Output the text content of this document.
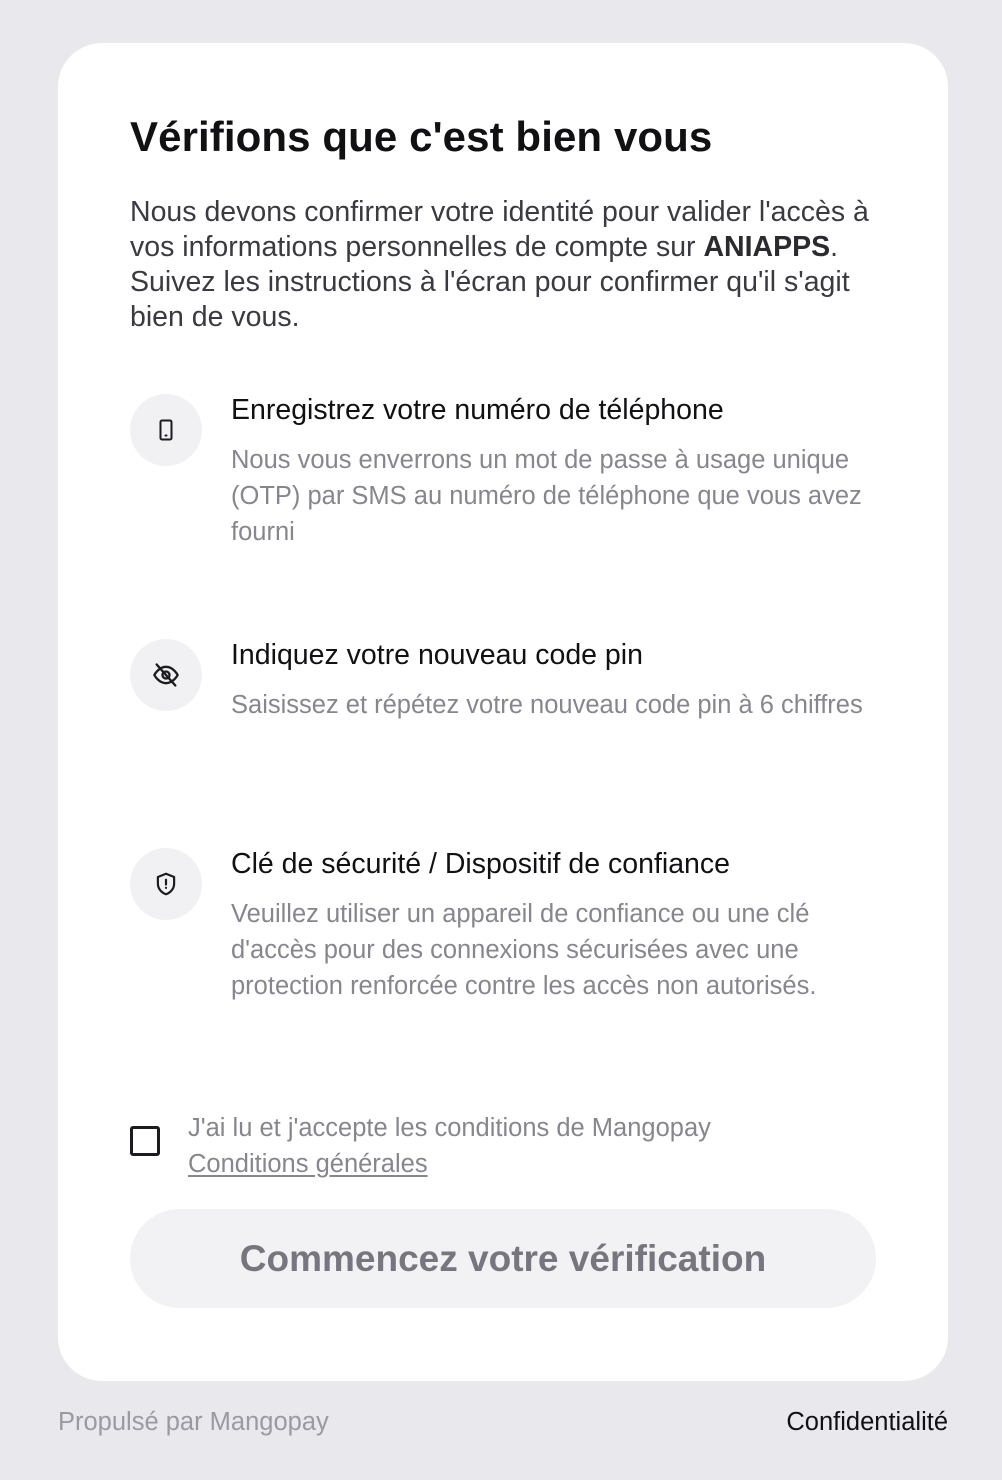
Vérifions que c'est bien vous

Nous devons confirmer votre identité pour valider l'accès à vos informations personnelles de compte sur ANIAPPS. Suivez les instructions à l'écran pour confirmer qu'il s'agit bien de vous.

Enregistrez votre numéro de téléphone
Nous vous enverrons un mot de passe à usage unique (OTP) par SMS au numéro de téléphone que vous avez fourni
Indiquez votre nouveau code pin
Saisissez et répétez votre nouveau code pin à 6 chiffres
Clé de sécurité / Dispositif de confiance
Veuillez utiliser un appareil de confiance ou une clé d'accès pour des connexions sécurisées avec une protection renforcée contre les accès non autorisés.
J'ai lu et j'accepte les conditions de Mangopay
Conditions générales
Commencez votre vérification
Propulsé par Mangopay	Confidentialité
